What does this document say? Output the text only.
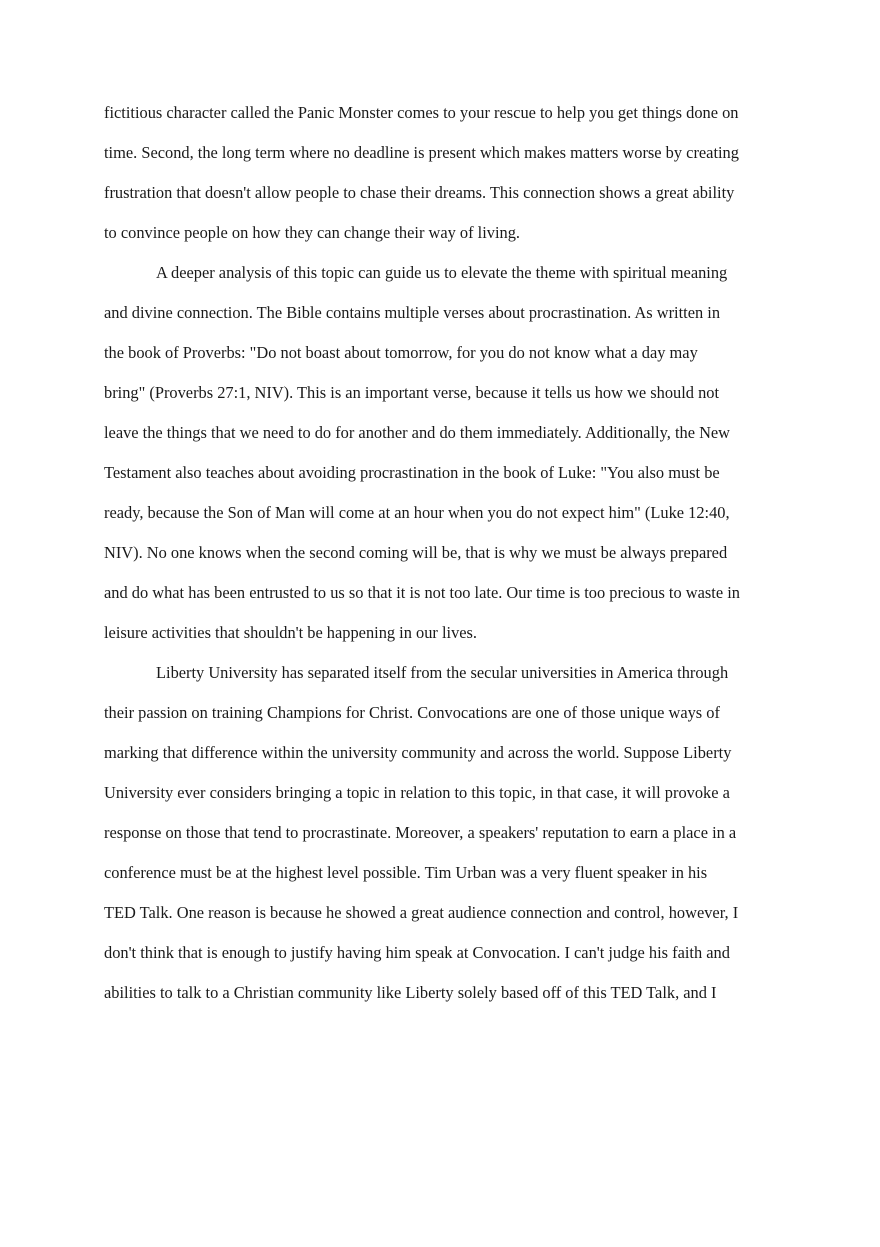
fictitious character called the Panic Monster comes to your rescue to help you get things done on
time. Second, the long term where no deadline is present which makes matters worse by creating
frustration that doesn't allow people to chase their dreams. This connection shows a great ability
to convince people on how they can change their way of living.
A deeper analysis of this topic can guide us to elevate the theme with spiritual meaning
and divine connection. The Bible contains multiple verses about procrastination. As written in
the book of Proverbs: "Do not boast about tomorrow, for you do not know what a day may
bring" (Proverbs 27:1, NIV). This is an important verse, because it tells us how we should not
leave the things that we need to do for another and do them immediately. Additionally, the New
Testament also teaches about avoiding procrastination in the book of Luke: "You also must be
ready, because the Son of Man will come at an hour when you do not expect him" (Luke 12:40,
NIV). No one knows when the second coming will be, that is why we must be always prepared
and do what has been entrusted to us so that it is not too late. Our time is too precious to waste in
leisure activities that shouldn't be happening in our lives.
Liberty University has separated itself from the secular universities in America through
their passion on training Champions for Christ. Convocations are one of those unique ways of
marking that difference within the university community and across the world. Suppose Liberty
University ever considers bringing a topic in relation to this topic, in that case, it will provoke a
response on those that tend to procrastinate. Moreover, a speakers' reputation to earn a place in a
conference must be at the highest level possible. Tim Urban was a very fluent speaker in his
TED Talk. One reason is because he showed a great audience connection and control, however, I
don't think that is enough to justify having him speak at Convocation. I can't judge his faith and
abilities to talk to a Christian community like Liberty solely based off of this TED Talk, and I
